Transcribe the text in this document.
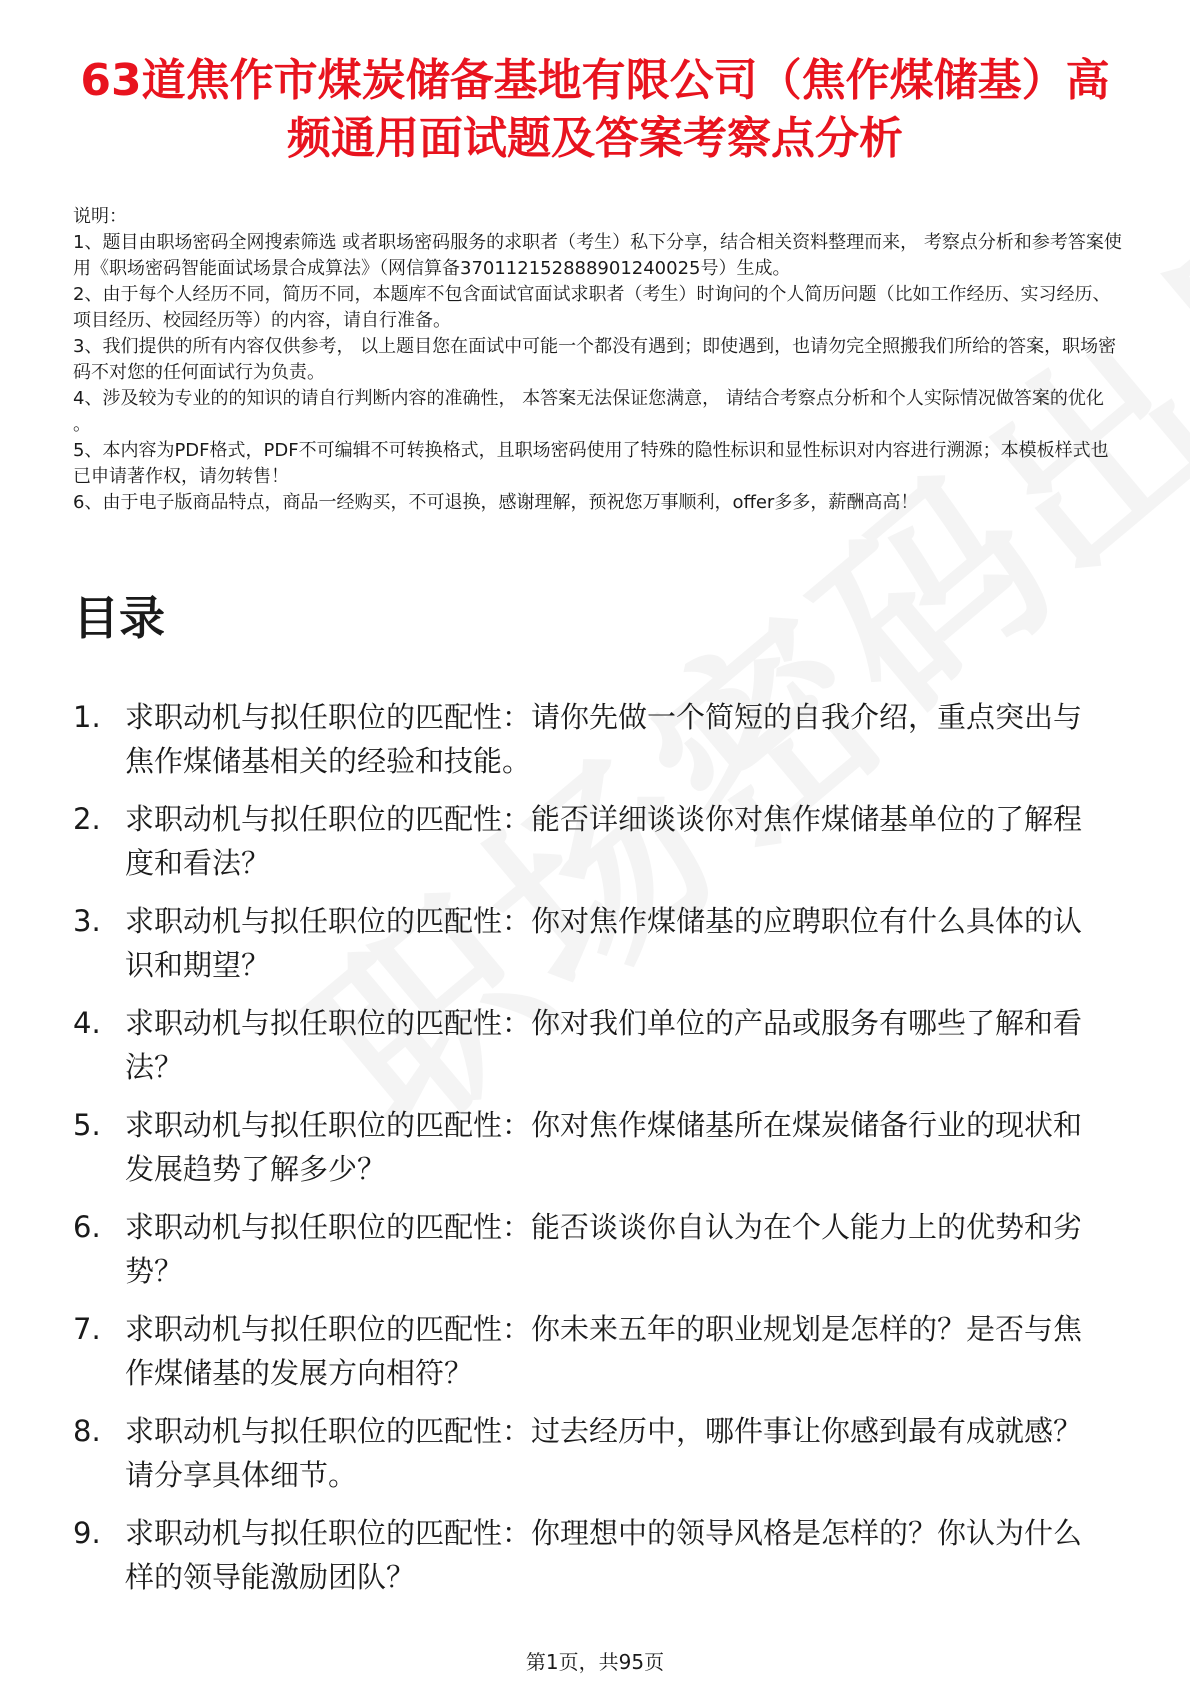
63道焦作市煤炭储备基地有限公司（焦作煤储基）高频通用面试题及答案考察点分析

说明：

1、题目由职场密码全网搜索筛选 或者职场密码服务的求职者（考生）私下分享，结合相关资料整理而来， 考察点分析和参考答案使用《职场密码智能面试场景合成算法》（网信算备370112152888901240025号）生成。

2、由于每个人经历不同，简历不同，本题库不包含面试官面试求职者（考生）时询问的个人简历问题（比如工作经历、实习经历、项目经历、校园经历等）的内容，请自行准备。

3、我们提供的所有内容仅供参考， 以上题目您在面试中可能一个都没有遇到；即使遇到，也请勿完全照搬我们所给的答案，职场密码不对您的任何面试行为负责。

4、涉及较为专业的的知识的请自行判断内容的准确性， 本答案无法保证您满意， 请结合考察点分析和个人实际情况做答案的优化 。

5、本内容为PDF格式，PDF不可编辑不可转换格式，且职场密码使用了特殊的隐性标识和显性标识对内容进行溯源；本模板样式也已申请著作权，请勿转售！

6、由于电子版商品特点，商品一经购买，不可退换，感谢理解，预祝您万事顺利，offer多多，薪酬高高！

目录
1. 求职动机与拟任职位的匹配性：请你先做一个简短的自我介绍，重点突出与焦作煤储基相关的经验和技能。
2. 求职动机与拟任职位的匹配性：能否详细谈谈你对焦作煤储基单位的了解程度和看法？
3. 求职动机与拟任职位的匹配性：你对焦作煤储基的应聘职位有什么具体的认识和期望？
4. 求职动机与拟任职位的匹配性：你对我们单位的产品或服务有哪些了解和看法？
5. 求职动机与拟任职位的匹配性：你对焦作煤储基所在煤炭储备行业的现状和发展趋势了解多少？
6. 求职动机与拟任职位的匹配性：能否谈谈你自认为在个人能力上的优势和劣势？
7. 求职动机与拟任职位的匹配性：你未来五年的职业规划是怎样的？是否与焦作煤储基的发展方向相符？
8. 求职动机与拟任职位的匹配性：过去经历中，哪件事让你感到最有成就感？请分享具体细节。
9. 求职动机与拟任职位的匹配性：你理想中的领导风格是怎样的？你认为什么样的领导能激励团队？
第1页，共95页
